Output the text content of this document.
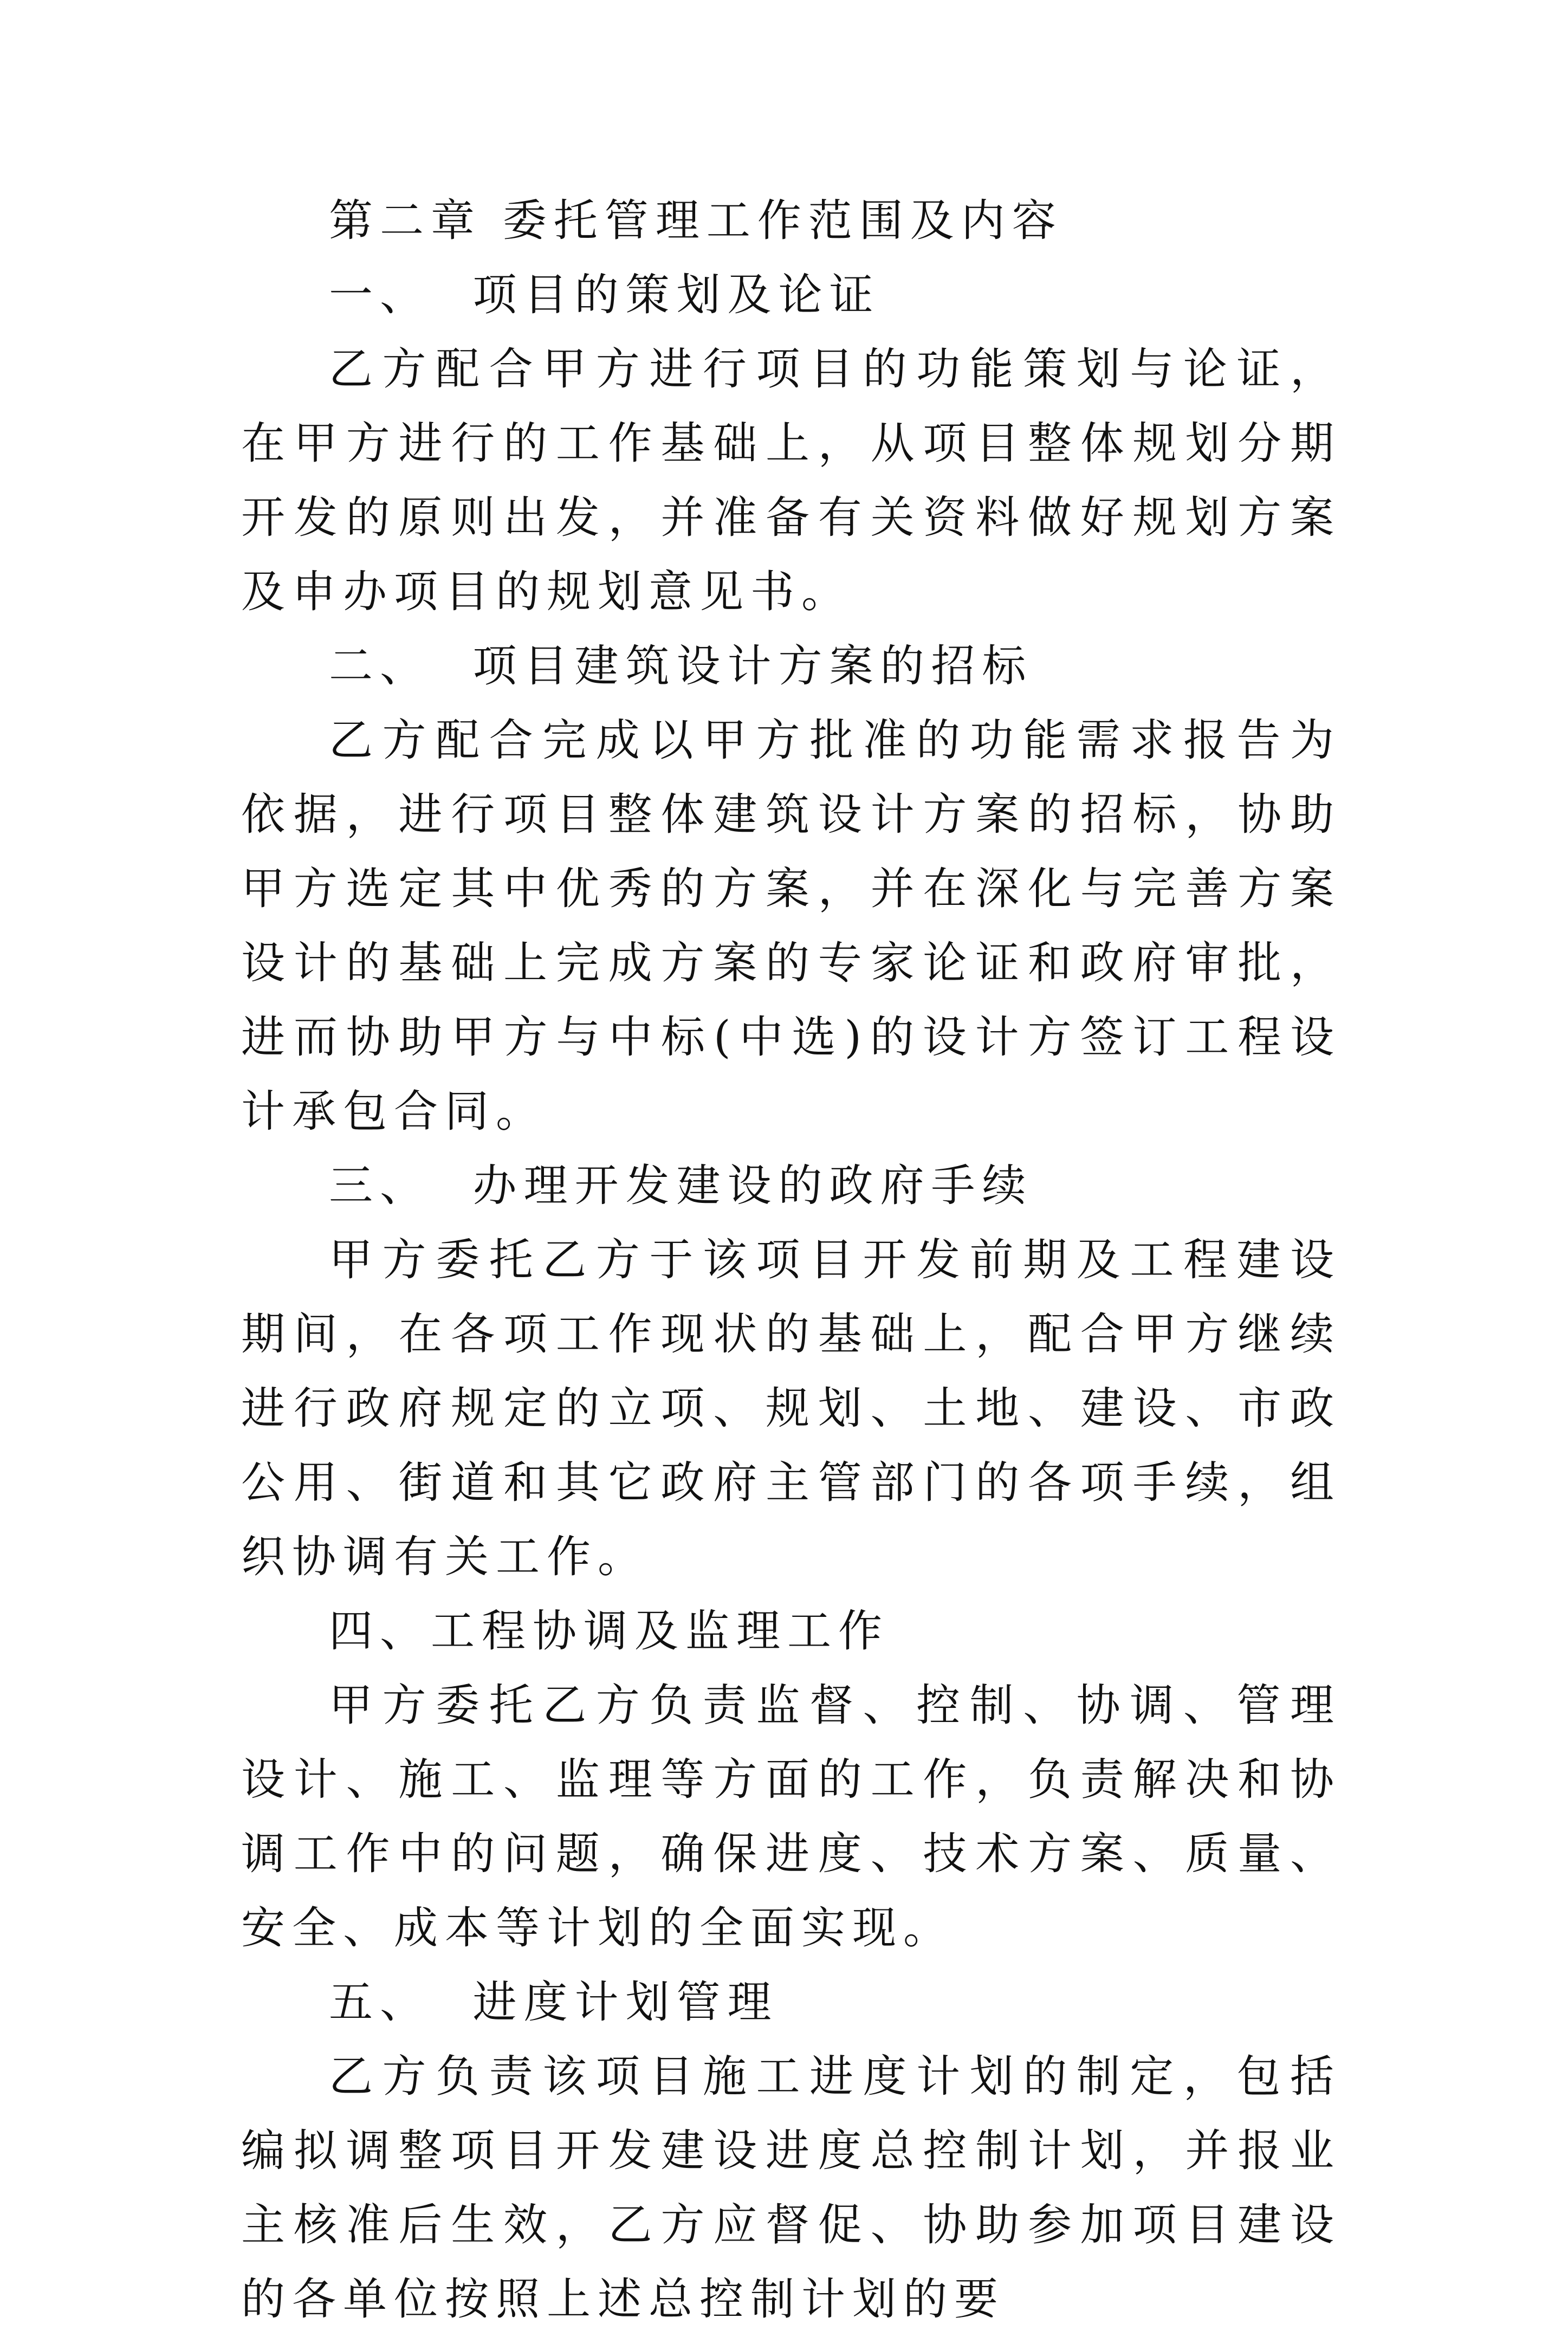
第二章 委托管理工作范围及内容

一、  项目的策划及论证

乙方配合甲方进行项目的功能策划与论证，在甲方进行的工作基础上，从项目整体规划分期开发的原则出发，并准备有关资料做好规划方案及申办项目的规划意见书。

二、  项目建筑设计方案的招标

乙方配合完成以甲方批准的功能需求报告为依据，进行项目整体建筑设计方案的招标，协助甲方选定其中优秀的方案，并在深化与完善方案设计的基础上完成方案的专家论证和政府审批，进而协助甲方与中标(中选)的设计方签订工程设计承包合同。

三、  办理开发建设的政府手续

甲方委托乙方于该项目开发前期及工程建设期间，在各项工作现状的基础上，配合甲方继续进行政府规定的立项、规划、土地、建设、市政公用、街道和其它政府主管部门的各项手续，组织协调有关工作。

四、工程协调及监理工作

甲方委托乙方负责监督、控制、协调、管理设计、施工、监理等方面的工作，负责解决和协调工作中的问题，确保进度、技术方案、质量、安全、成本等计划的全面实现。

五、  进度计划管理

乙方负责该项目施工进度计划的制定，包括编拟调整项目开发建设进度总控制计划，并报业主核准后生效，乙方应督促、协助参加项目建设的各单位按照上述总控制计划的要
